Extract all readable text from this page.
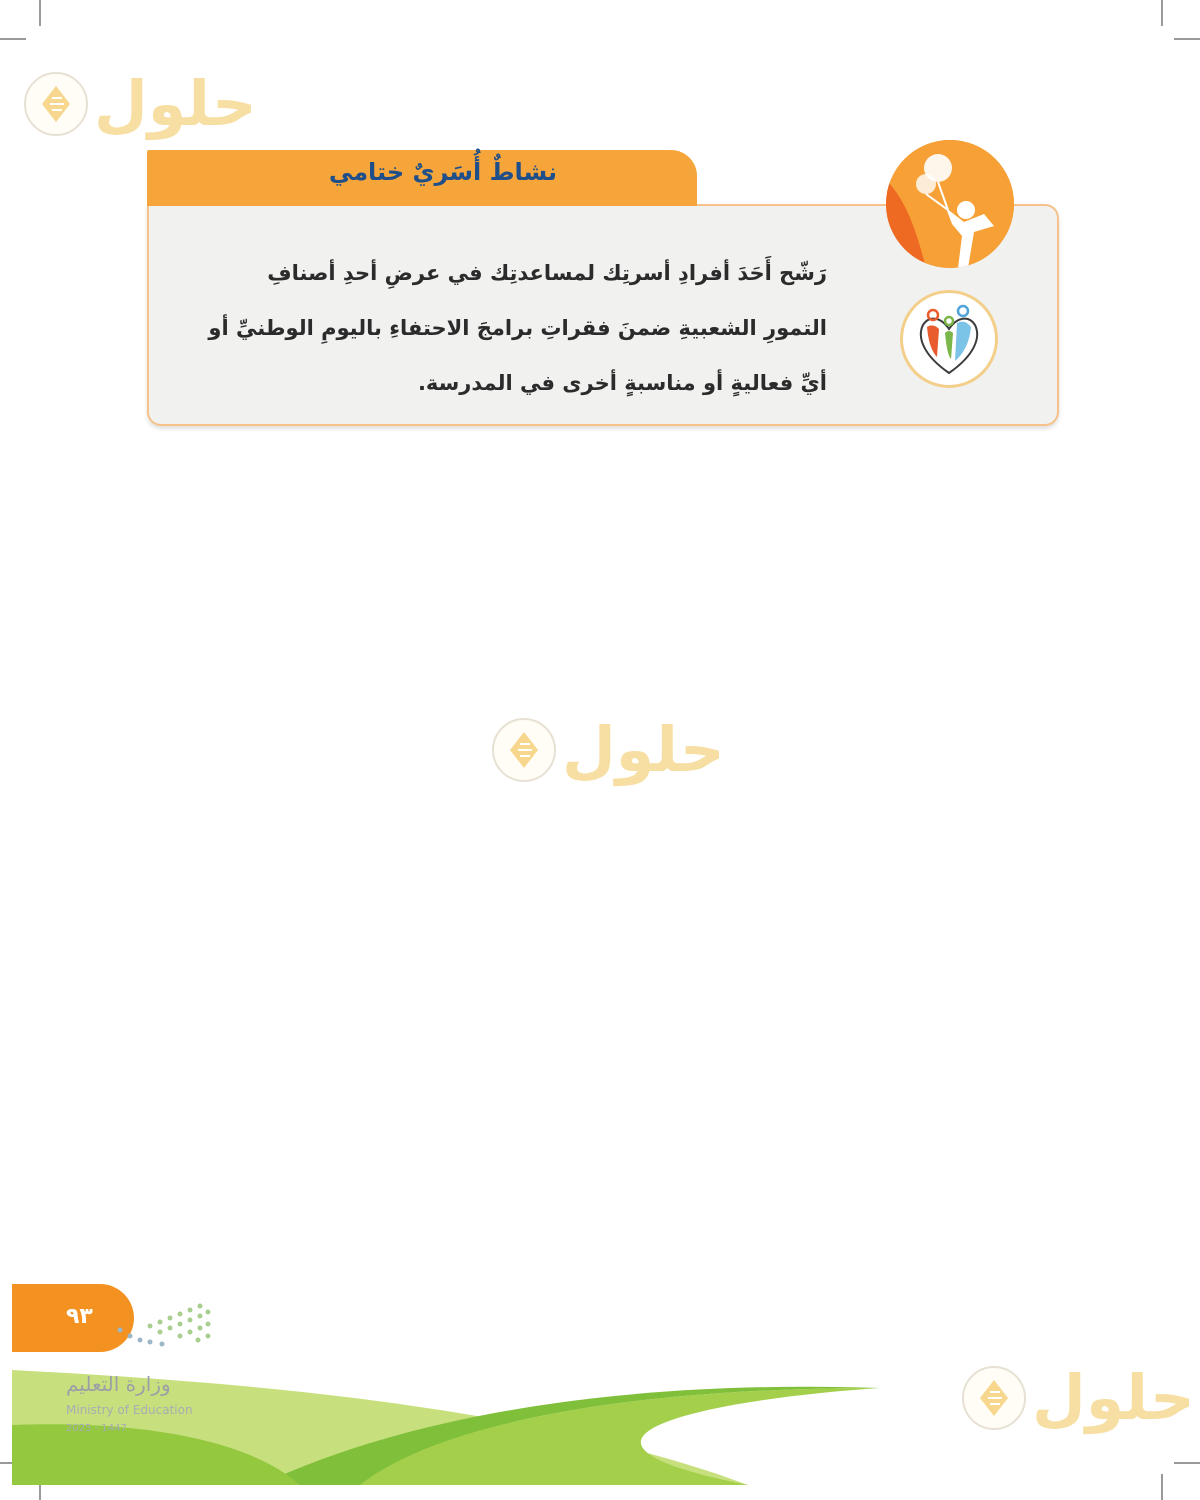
حلول
حلول
حلول
رَشّح أَحَدَ أفرادِ أسرتِك لمساعدتِك في عرضِ أحدِ أصنافِ
التمورِ الشعبيةِ ضمنَ فقراتِ برامجَ الاحتفاءِ باليومِ الوطنيِّ أو
أيِّ فعاليةٍ أو مناسبةٍ أخرى في المدرسة.
نشاطٌ أُسَريٌ ختامي
٩٣
وزارة التعليم
Ministry of Education
2025 - 1447
